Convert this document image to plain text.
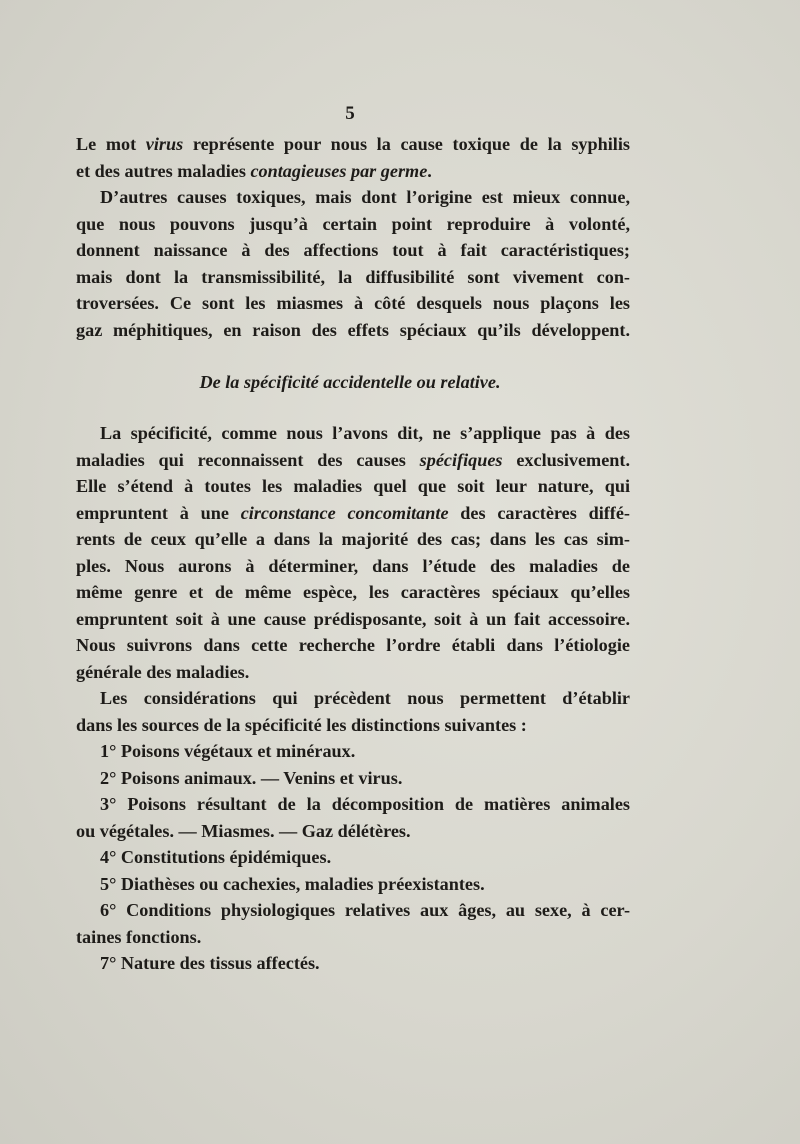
5
Le mot virus représente pour nous la cause toxique de la syphilis
et des autres maladies contagieuses par germe.
D’autres causes toxiques, mais dont l’origine est mieux connue,
que nous pouvons jusqu’à certain point reproduire à volonté,
donnent naissance à des affections tout à fait caractéristiques;
mais dont la transmissibilité, la diffusibilité sont vivement con-
troversées. Ce sont les miasmes à côté desquels nous plaçons les
gaz méphitiques, en raison des effets spéciaux qu’ils développent.
De la spécificité accidentelle ou relative.
La spécificité, comme nous l’avons dit, ne s’applique pas à des
maladies qui reconnaissent des causes spécifiques exclusivement.
Elle s’étend à toutes les maladies quel que soit leur nature, qui
empruntent à une circonstance concomitante des caractères diffé-
rents de ceux qu’elle a dans la majorité des cas; dans les cas sim-
ples. Nous aurons à déterminer, dans l’étude des maladies de
même genre et de même espèce, les caractères spéciaux qu’elles
empruntent soit à une cause prédisposante, soit à un fait accessoire.
Nous suivrons dans cette recherche l’ordre établi dans l’étiologie
générale des maladies.
Les considérations qui précèdent nous permettent d’établir
dans les sources de la spécificité les distinctions suivantes :
1° Poisons végétaux et minéraux.
2° Poisons animaux. — Venins et virus.
3° Poisons résultant de la décomposition de matières animales
ou végétales. — Miasmes. — Gaz délétères.
4° Constitutions épidémiques.
5° Diathèses ou cachexies, maladies préexistantes.
6° Conditions physiologiques relatives aux âges, au sexe, à cer-
taines fonctions.
7° Nature des tissus affectés.
